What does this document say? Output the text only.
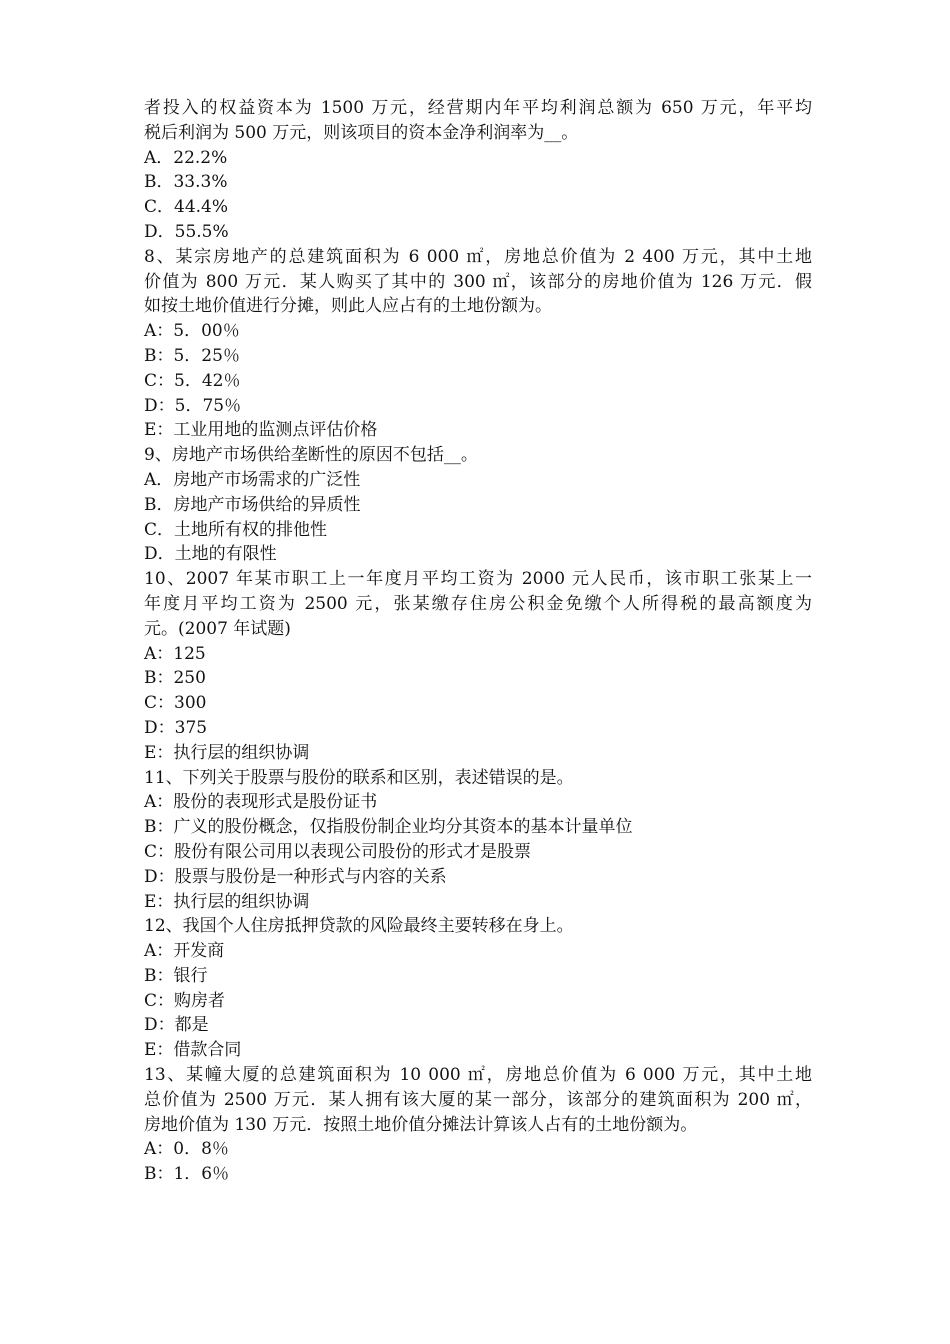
者投入的权益资本为 1500 万元，经营期内年平均利润总额为 650 万元，年平均
税后利润为 500 万元，则该项目的资本金净利润率为__。
A．22.2%
B．33.3%
C．44.4%
D．55.5%
8、某宗房地产的总建筑面积为 6 000 ㎡，房地总价值为 2 400 万元，其中土地
价值为 800 万元．某人购买了其中的 300 ㎡，该部分的房地价值为 126 万元．假
如按土地价值进行分摊，则此人应占有的土地份额为。
A：5．00％
B：5．25％
C：5．42％
D：5．75％
E：工业用地的监测点评估价格
9、房地产市场供给垄断性的原因不包括__。
A．房地产市场需求的广泛性
B．房地产市场供给的异质性
C．土地所有权的排他性
D．土地的有限性
10、2007 年某市职工上一年度月平均工资为 2000 元人民币，该市职工张某上一
年度月平均工资为 2500 元，张某缴存住房公积金免缴个人所得税的最高额度为
元。(2007 年试题)
A：125
B：250
C：300
D：375
E：执行层的组织协调
11、下列关于股票与股份的联系和区别，表述错误的是。
A：股份的表现形式是股份证书
B：广义的股份概念，仅指股份制企业均分其资本的基本计量单位
C：股份有限公司用以表现公司股份的形式才是股票
D：股票与股份是一种形式与内容的关系
E：执行层的组织协调
12、我国个人住房抵押贷款的风险最终主要转移在身上。
A：开发商
B：银行
C：购房者
D：都是
E：借款合同
13、某幢大厦的总建筑面积为 10 000 ㎡，房地总价值为 6 000 万元，其中土地
总价值为 2500 万元．某人拥有该大厦的某一部分，该部分的建筑面积为 200 ㎡，
房地价值为 130 万元．按照土地价值分摊法计算该人占有的土地份额为。
A：0．8％
B：1．6％
